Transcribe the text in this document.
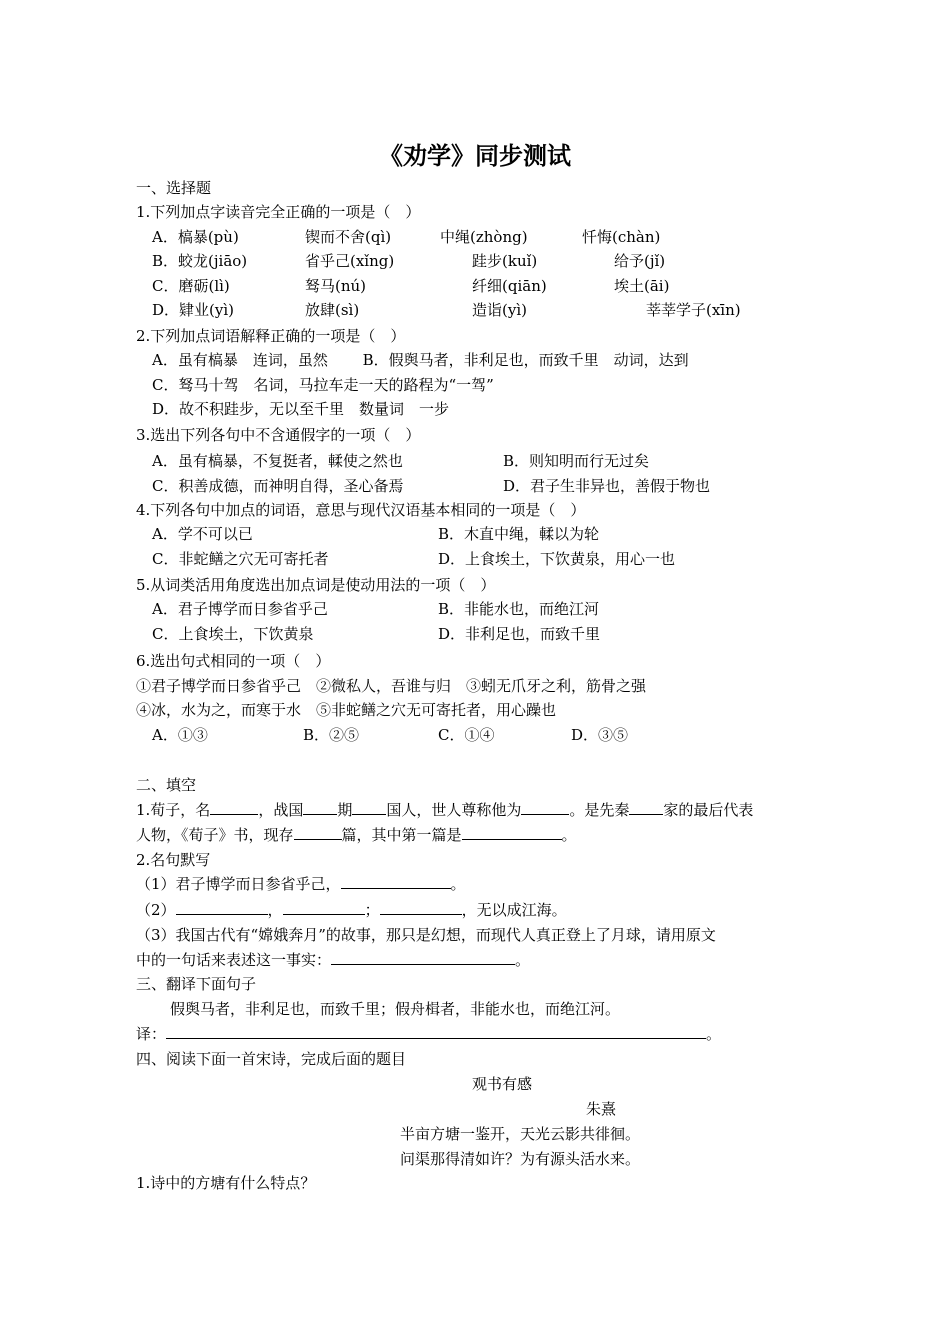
《劝学》同步测试
一、选择题
1.下列加点字读音完全正确的一项是（　）
A．槁暴(pù)	锲而不舍(qì)	中绳(zhòng)	忏悔(chàn)
B．蛟龙(jiāo)	省乎己(xǐng)	跬步(kuǐ)	给予(jǐ)
C．磨砺(lì)	驽马(nú)	纤细(qiān)	埃土(āi)
D．肄业(yì)	放肆(sì)	造诣(yì)	莘莘学子(xīn)
2.下列加点词语解释正确的一项是（　）
A．虽有槁暴　连词，虽然　　 B．假舆马者，非利足也，而致千里　动词，达到
C．驽马十驾　名词，马拉车走一天的路程为“一驾”
D．故不积跬步，无以至千里　数量词　一步
3.选出下列各句中不含通假字的一项（　）
A．虽有槁暴，不复挺者，輮使之然也	B．则知明而行无过矣
C．积善成德，而神明自得，圣心备焉	D．君子生非异也，善假于物也
4.下列各句中加点的词语，意思与现代汉语基本相同的一项是（　）
A．学不可以已	B．木直中绳，輮以为轮
C．非蛇鳝之穴无可寄托者	D．上食埃土，下饮黄泉，用心一也
5.从词类活用角度选出加点词是使动用法的一项（　）
A．君子博学而日参省乎己	B．非能水也，而绝江河
C．上食埃土，下饮黄泉	D．非利足也，而致千里
6.选出句式相同的一项（　）
①君子博学而日参省乎己　②微私人，吾谁与归　③蚓无爪牙之利，筋骨之强
④冰，水为之，而寒于水　⑤非蛇鳝之穴无可寄托者，用心躁也
A．①③	B．②⑤	C．①④	D．③⑤
二、填空
1.荀子，名	，战国 期 国人，世人尊称他为	。是先秦 家的最后代表
人物，《荀子》书，现存	篇，其中第一篇是	。
2.名句默写
（1）君子博学而日参省乎己，	。
（2）	，	；	，无以成江海。
（3）我国古代有“嫦娥奔月”的故事，那只是幻想，而现代人真正登上了月球，请用原文
中的一句话来表述这一事实：	。
三、翻译下面句子
假舆马者，非利足也，而致千里；假舟楫者，非能水也，而绝江河。
译：	。
四、阅读下面一首宋诗，完成后面的题目
观书有感
朱熹
半亩方塘一鉴开，天光云影共徘徊。
问渠那得清如许？为有源头活水来。
1.诗中的方塘有什么特点？
